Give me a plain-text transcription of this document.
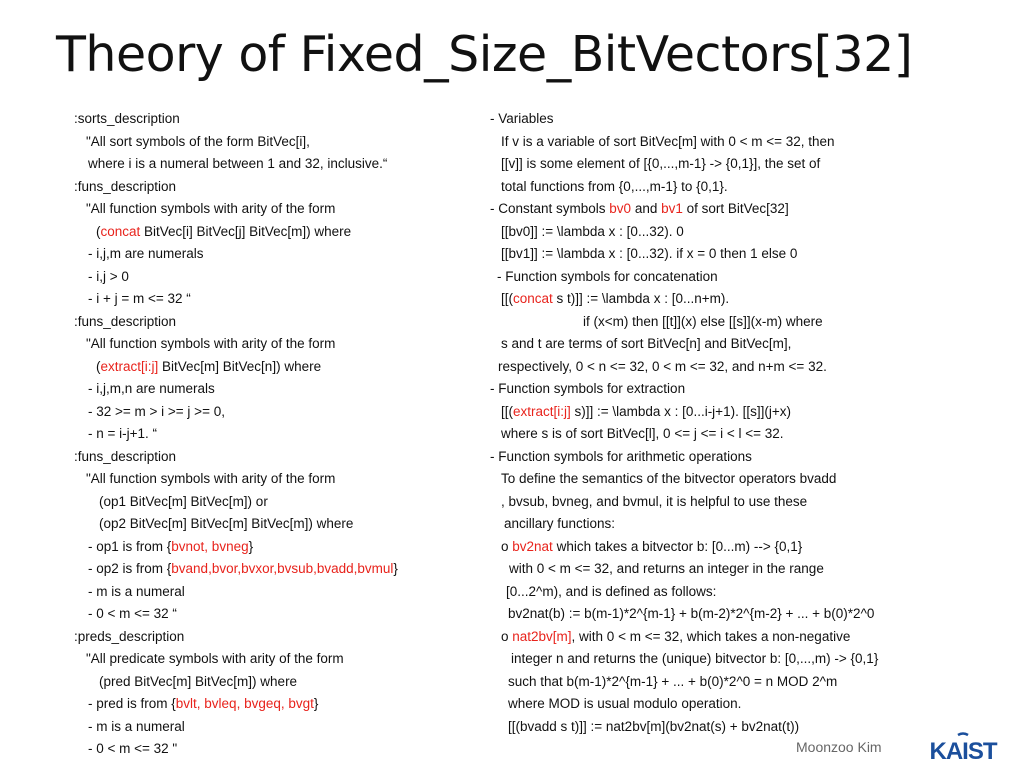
Theory of Fixed_Size_BitVectors[32]
:sorts_description
"All sort symbols of the form BitVec[i],
where i is a numeral between 1 and 32, inclusive.“
:funs_description
"All function symbols with arity of the form
(concat BitVec[i] BitVec[j] BitVec[m]) where
- i,j,m are numerals
- i,j > 0
- i + j = m <= 32 “
:funs_description
"All function symbols with arity of the form
(extract[i:j] BitVec[m] BitVec[n]) where
- i,j,m,n are numerals
- 32 >= m > i >= j >= 0,
- n = i-j+1. “
:funs_description
"All function symbols with arity of the form
(op1 BitVec[m] BitVec[m]) or
(op2 BitVec[m] BitVec[m] BitVec[m]) where
- op1 is from {bvnot, bvneg}
- op2 is from {bvand,bvor,bvxor,bvsub,bvadd,bvmul}
- m is a numeral
- 0 < m <= 32 “
:preds_description
"All predicate symbols with arity of the form
(pred BitVec[m] BitVec[m]) where
- pred is from {bvlt, bvleq, bvgeq, bvgt}
- m is a numeral
- 0 < m <= 32 "
- Variables
If v is a variable of sort BitVec[m] with 0 < m <= 32, then
[[v]] is some element of [{0,...,m-1} -> {0,1}], the set of
total functions from {0,...,m-1} to {0,1}.
- Constant symbols bv0 and bv1 of sort BitVec[32]
[[bv0]] := \lambda x : [0...32). 0
[[bv1]] := \lambda x : [0...32). if x = 0 then 1 else 0
- Function symbols for concatenation
[[(concat s t)]] := \lambda x : [0...n+m).
if (x<m) then [[t]](x) else [[s]](x-m) where
s and t are terms of sort BitVec[n] and BitVec[m],
respectively, 0 < n <= 32, 0 < m <= 32, and n+m <= 32.
- Function symbols for extraction
[[(extract[i:j] s)]] := \lambda x : [0...i-j+1). [[s]](j+x)
where s is of sort BitVec[l], 0 <= j <= i < l <= 32.
- Function symbols for arithmetic operations
To define the semantics of the bitvector operators bvadd
, bvsub, bvneg, and bvmul, it is helpful to use these
ancillary functions:
o bv2nat which takes a bitvector b: [0...m) --> {0,1}
with 0 < m <= 32, and returns an integer in the range
[0...2^m), and is defined as follows:
bv2nat(b) := b(m-1)*2^{m-1} + b(m-2)*2^{m-2} + ... + b(0)*2^0
o nat2bv[m], with 0 < m <= 32, which takes a non-negative
integer n and returns the (unique) bitvector b: [0,...,m) -> {0,1}
such that b(m-1)*2^{m-1} + ... + b(0)*2^0 = n MOD 2^m
where MOD is usual modulo operation.
[[(bvadd s t)]] := nat2bv[m](bv2nat(s) + bv2nat(t))
Moonzoo Kim KAIST
